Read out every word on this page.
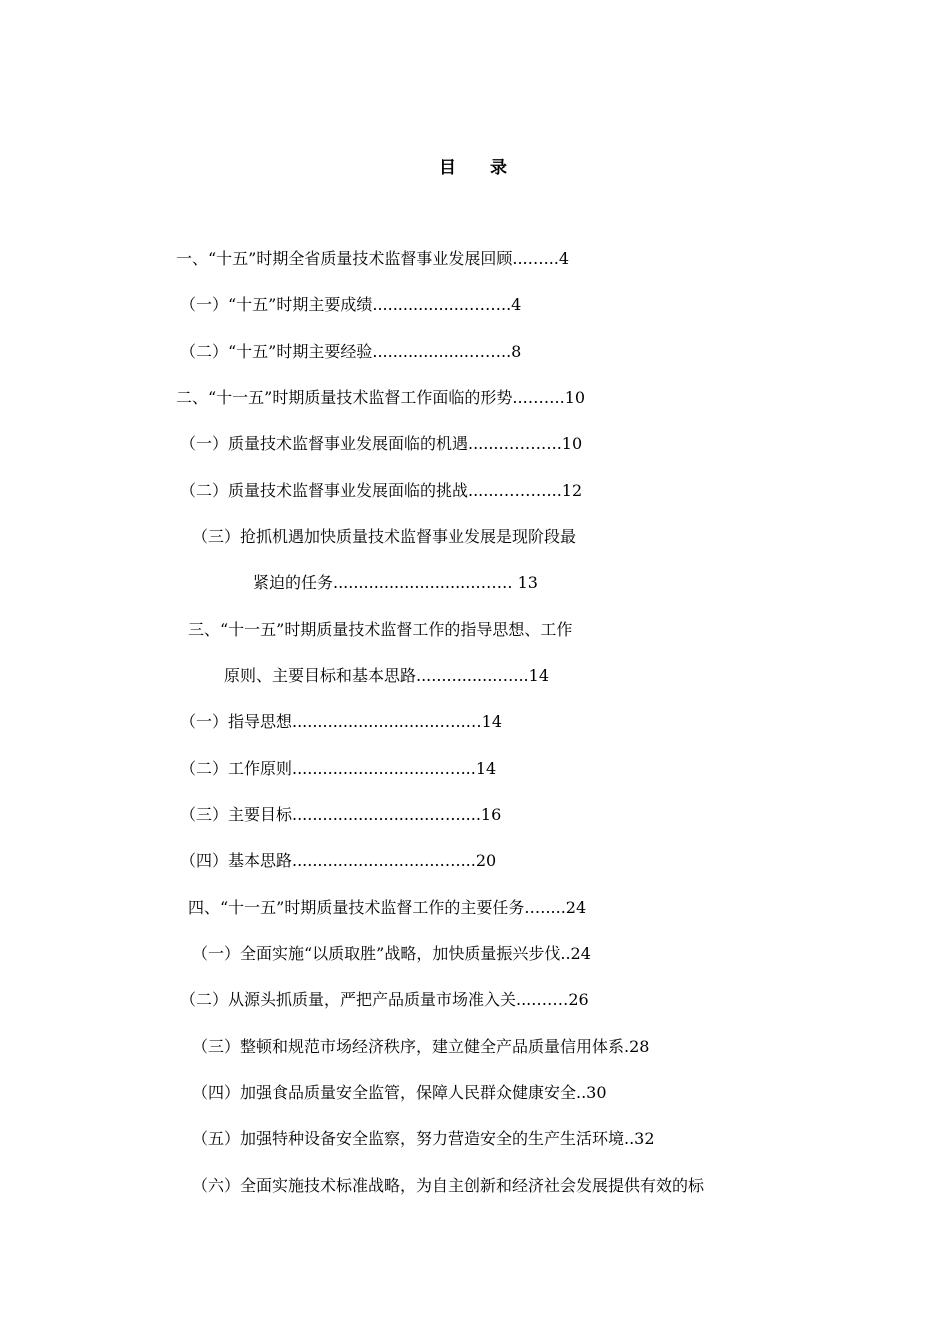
目 录
一、“十五”时期全省质量技术监督事业发展回顾...…...4
（一）“十五”时期主要成绩...................……..4
（二）“十五”时期主要经验...................……..8
二、“十一五”时期质量技术监督工作面临的形势..……..10
（一）质量技术监督事业发展面临的机遇.......………..10
（二）质量技术监督事业发展面临的挑战......………...12
（三）抢抓机遇加快质量技术监督事业发展是现阶段最
紧迫的任务............................……. 13
三、“十一五”时期质量技术监督工作的指导思想、工作
原则、主要目标和基本思路................…...14
（一）指导思想.............................…..…14
（二）工作原则..............................…...14
（三）主要目标............................…......16
（四）基本思路.............................…....20
四、“十一五”时期质量技术监督工作的主要任务.…....24
（一）全面实施“以质取胜”战略，加快质量振兴步伐..24
（二）从源头抓质量，严把产品质量市场准入关....……26
（三）整顿和规范市场经济秩序，建立健全产品质量信用体系.28
（四）加强食品质量安全监管，保障人民群众健康安全..30
（五）加强特种设备安全监察，努力营造安全的生产生活环境..32
（六）全面实施技术标准战略，为自主创新和经济社会发展提供有效的标
